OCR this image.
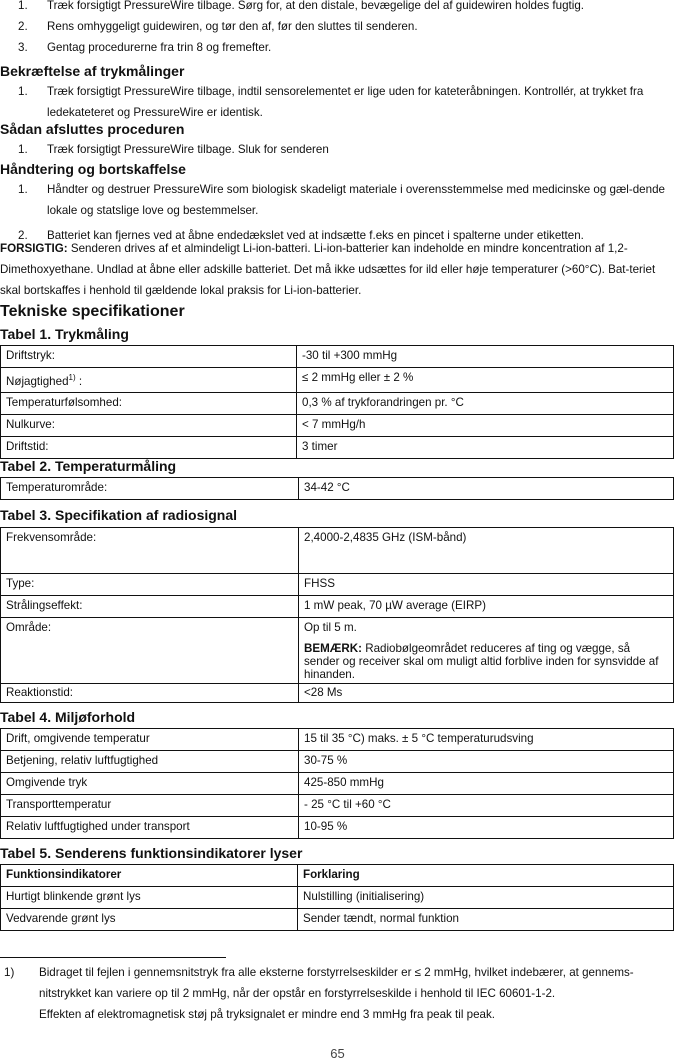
1. Træk forsigtigt PressureWire tilbage. Sørg for, at den distale, bevægelige del af guidewiren holdes fugtig.
2. Rens omhyggeligt guidewiren, og tør den af, før den sluttes til senderen.
3. Gentag procedurerne fra trin 8 og fremefter.
Bekræftelse af trykmålinger
1. Træk forsigtigt PressureWire tilbage, indtil sensorelementet er lige uden for kateteråbningen. Kontrollér, at trykket fra ledekateteret og PressureWire er identisk.
Sådan afsluttes proceduren
1. Træk forsigtigt PressureWire tilbage. Sluk for senderen
Håndtering og bortskaffelse
1. Håndter og destruer PressureWire som biologisk skadeligt materiale i overensstemmelse med medicinske og gæl-dende lokale og statslige love og bestemmelser.
2. Batteriet kan fjernes ved at åbne endedækslet ved at indsætte f.eks en pincet i spalterne under etiketten.

FORSIGTIG: Senderen drives af et almindeligt Li-ion-batteri. Li-ion-batterier kan indeholde en mindre koncentration af 1,2-Dimethoxyethane. Undlad at åbne eller adskille batteriet. Det må ikke udsættes for ild eller høje temperaturer (>60°C). Bat-teriet skal bortskaffes i henhold til gældende lokal praksis for Li-ion-batterier.

Tekniske specifikationer
Tabel 1. Trykmåling
Driftstryk:	-30 til +300 mmHg
Nøjagtighed$^{1)}$ :	≤ 2 mmHg eller ± 2 %
Temperaturfølsomhed:	0,3 % af trykforandringen pr. °C
Nulkurve:	< 7 mmHg/h
Driftstid:	3 timer
Tabel 2. Temperaturmåling
Temperaturområde:	34-42 °C
Tabel 3. Specifikation af radiosignal
Frekvensområde:	2,4000-2,4835 GHz (ISM-bånd)
Type:	FHSS
Strålingseffekt:	1 mW peak, 70 µW average (EIRP)
Område:	Op til 5 m.
BEMÆRK: Radiobølgeområdet reduceres af ting og vægge, så sender og receiver skal om muligt altid forblive inden for synsvidde af hinanden.

Reaktionstid:	<28 Ms
Tabel 4. Miljøforhold
Drift, omgivende temperatur	15 til 35 °C) maks. ± 5 °C temperaturudsving
Betjening, relativ luftfugtighed	30-75 %
Omgivende tryk	425-850 mmHg
Transporttemperatur	- 25 °C til +60 °C
Relativ luftfugtighed under transport	10-95 %
Tabel 5. Senderens funktionsindikatorer lyser
Funktionsindikatorer	Forklaring
Hurtigt blinkende grønt lys	Nulstilling (initialisering)
Vedvarende grønt lys	Sender tændt, normal funktion
1) Bidraget til fejlen i gennemsnitstryk fra alle eksterne forstyrrelseskilder er ≤ 2 mmHg, hvilket indebærer, at gennems-nitstrykket kan variere op til 2 mmHg, når der opstår en forstyrrelseskilde i henhold til IEC 60601-1-2.
Effekten af elektromagnetisk støj på tryksignalet er mindre end 3 mmHg fra peak til peak.
65
